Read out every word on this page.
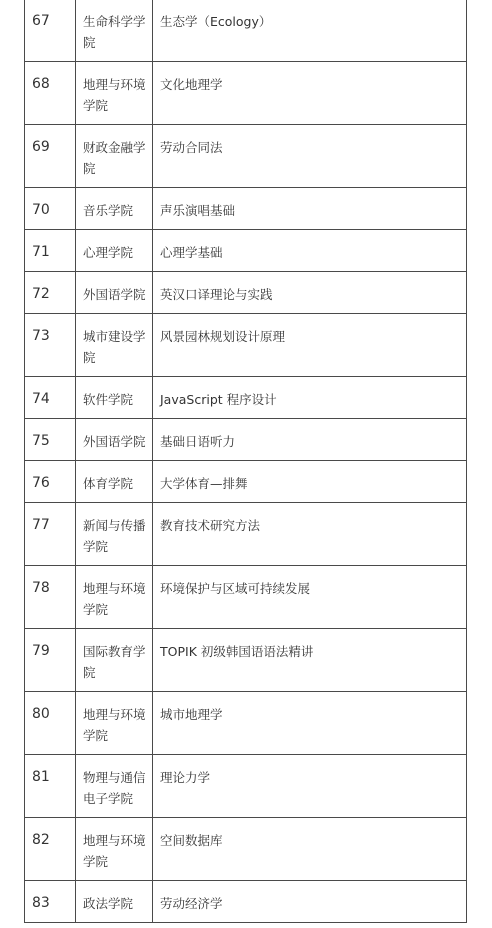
67	生命科学学院	生态学（Ecology）
68	地理与环境学院	文化地理学
69	财政金融学院	劳动合同法
70	音乐学院	声乐演唱基础
71	心理学院	心理学基础
72	外国语学院	英汉口译理论与实践
73	城市建设学院	风景园林规划设计原理
74	软件学院	JavaScript 程序设计
75	外国语学院	基础日语听力
76	体育学院	大学体育—排舞
77	新闻与传播学院	教育技术研究方法
78	地理与环境学院	环境保护与区域可持续发展
79	国际教育学院	TOPIK 初级韩国语语法精讲
80	地理与环境学院	城市地理学
81	物理与通信电子学院	理论力学
82	地理与环境学院	空间数据库
83	政法学院	劳动经济学
